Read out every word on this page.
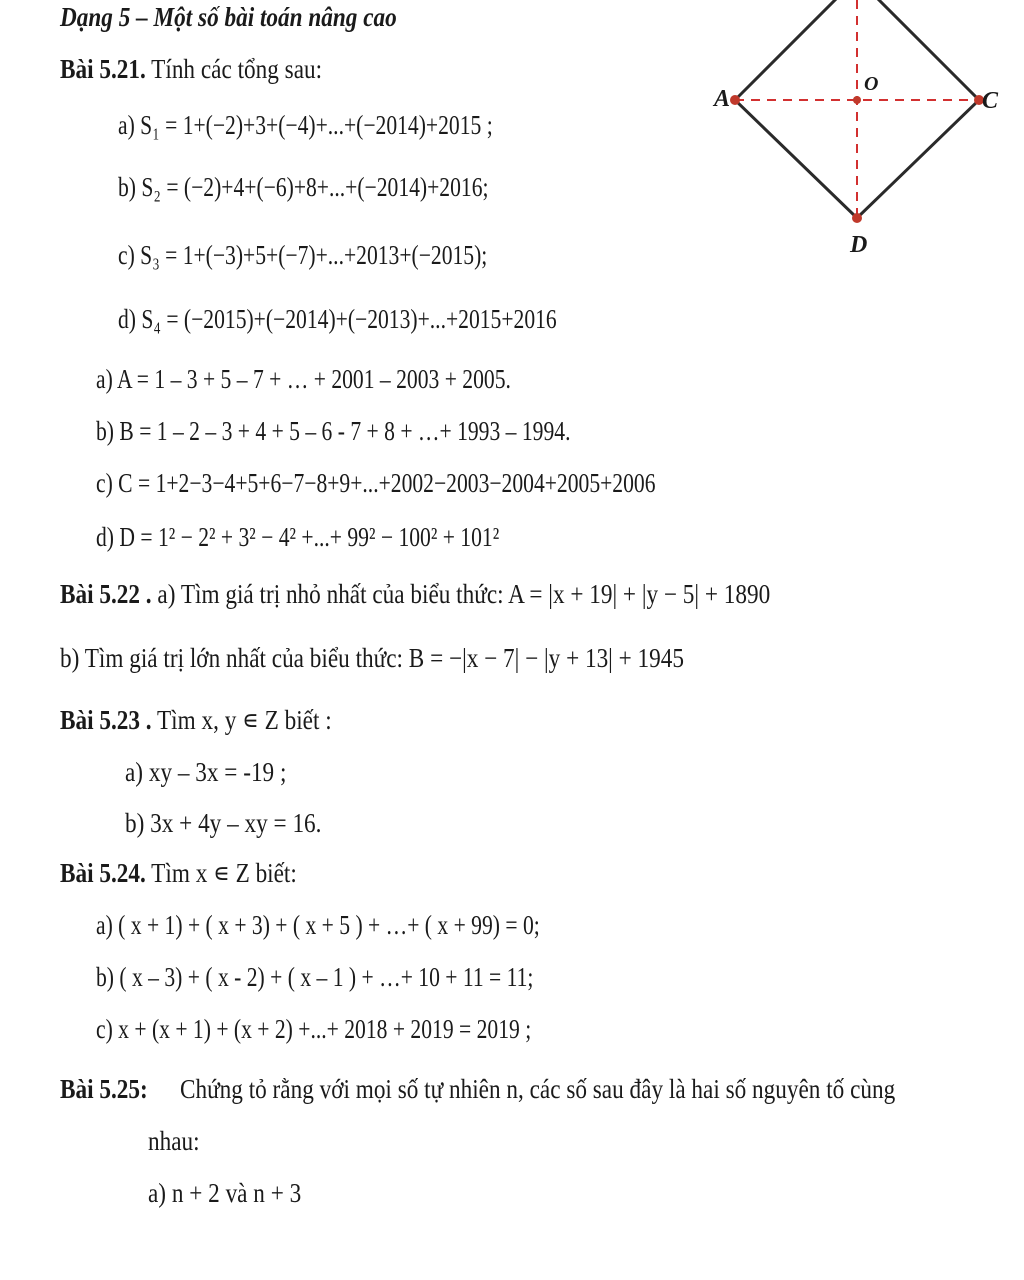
Dạng 5 – Một số bài toán nâng cao
Bài 5.21. Tính các tổng sau:
a) S₁ = 1+(−2)+3+(−4)+...+(−2014)+2015 ;
b) S₂ = (−2)+4+(−6)+8+...+(−2014)+2016;
c) S₃ = 1+(−3)+5+(−7)+...+2013+(−2015);
d) S₄ = (−2015)+(−2014)+(−2013)+...+2015+2016
a) A = 1 – 3 + 5 – 7 + … + 2001 – 2003 + 2005.
b) B = 1 – 2 – 3 + 4 + 5 – 6 - 7 + 8 + …+ 1993 – 1994.
c) C = 1+2−3−4+5+6−7−8+9+...+2002−2003−2004+2005+2006
d) D = 1² − 2² + 3² − 4² +...+ 99² − 100² + 101²
Bài 5.22 . a) Tìm giá trị nhỏ nhất của biểu thức: A = |x + 19| + |y − 5| + 1890
b) Tìm giá trị lớn nhất của biểu thức: B = −|x − 7| − |y + 13| + 1945
Bài 5.23 . Tìm x, y ∊ Z biết :
a) xy – 3x = -19 ;
b) 3x + 4y – xy = 16.
Bài 5.24. Tìm x ∊ Z biết:
a) ( x + 1) + ( x + 3) + ( x + 5 ) + …+ ( x + 99) = 0;
b) ( x – 3) + ( x - 2) + ( x – 1 ) + …+ 10 + 11 = 11;
c) x + (x + 1) + (x + 2) +...+ 2018 + 2019 = 2019 ;
Bài 5.25: Chứng tỏ rằng với mọi số tự nhiên n, các số sau đây là hai số nguyên tố cùng
nhau:
a) n + 2 và n + 3
A
O
C
D
